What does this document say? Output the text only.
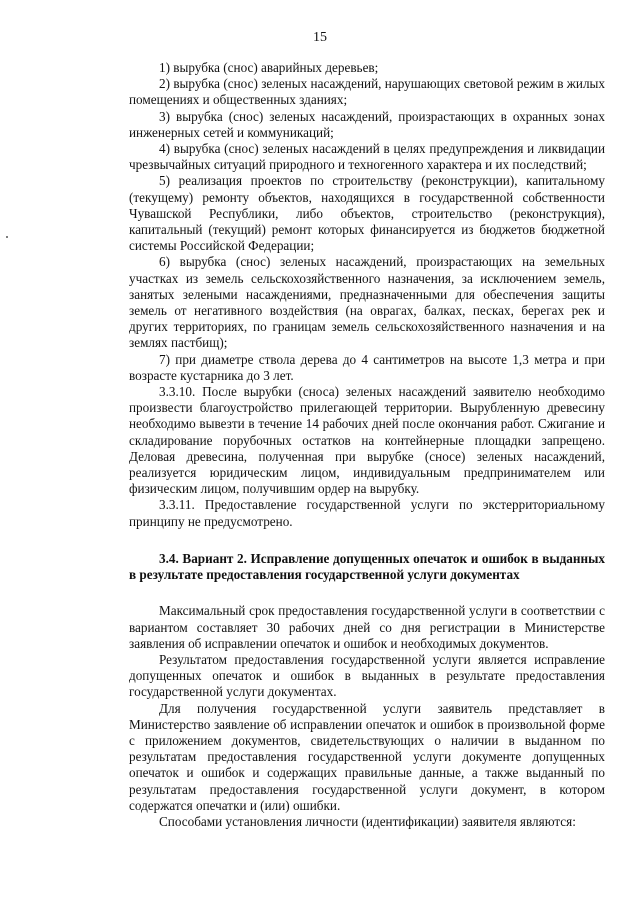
15

1) вырубка (снос) аварийных деревьев;

2) вырубка (снос) зеленых насаждений, нарушающих световой режим в жилых помещениях и общественных зданиях;

3) вырубка (снос) зеленых насаждений, произрастающих в охранных зонах инженерных сетей и коммуникаций;

4) вырубка (снос) зеленых насаждений в целях предупреждения и ликвидации чрезвычайных ситуаций природного и техногенного характера и их последствий;

5) реализация проектов по строительству (реконструкции), капитальному (текущему) ремонту объектов, находящихся в государственной собственности Чувашской Республики, либо объектов, строительство (реконструкция), капитальный (текущий) ремонт которых финансируется из бюджетов бюджетной системы Российской Федерации;

6) вырубка (снос) зеленых насаждений, произрастающих на земельных участках из земель сельскохозяйственного назначения, за исключением земель, занятых зелеными насаждениями, предназначенными для обеспечения защиты земель от негативного воздействия (на оврагах, балках, песках, берегах рек и других территориях, по границам земель сельскохозяйственного назначения и на землях пастбищ);

7) при диаметре ствола дерева до 4 сантиметров на высоте 1,3 метра и при возрасте кустарника до 3 лет.

3.3.10. После вырубки (сноса) зеленых насаждений заявителю необходимо произвести благоустройство прилегающей территории. Вырубленную древесину необходимо вывезти в течение 14 рабочих дней после окончания работ. Сжигание и складирование порубочных остатков на контейнерные площадки запрещено. Деловая древесина, полученная при вырубке (сносе) зеленых насаждений, реализуется юридическим лицом, индивидуальным предпринимателем или физическим лицом, получившим ордер на вырубку.

3.3.11. Предоставление государственной услуги по экстерриториальному принципу не предусмотрено.

3.4. Вариант 2. Исправление допущенных опечаток и ошибок в выданных в результате предоставления государственной услуги документах

Максимальный срок предоставления государственной услуги в соответствии с вариантом составляет 30 рабочих дней со дня регистрации в Министерстве заявления об исправлении опечаток и ошибок и необходимых документов.

Результатом предоставления государственной услуги является исправление допущенных опечаток и ошибок в выданных в результате предоставления государственной услуги документах.

Для получения государственной услуги заявитель представляет в Министерство заявление об исправлении опечаток и ошибок в произвольной форме с приложением документов, свидетельствующих о наличии в выданном по результатам предоставления государственной услуги документе допущенных опечаток и ошибок и содержащих правильные данные, а также выданный по результатам предоставления государственной услуги документ, в котором содержатся опечатки и (или) ошибки.

Способами установления личности (идентификации) заявителя являются:
